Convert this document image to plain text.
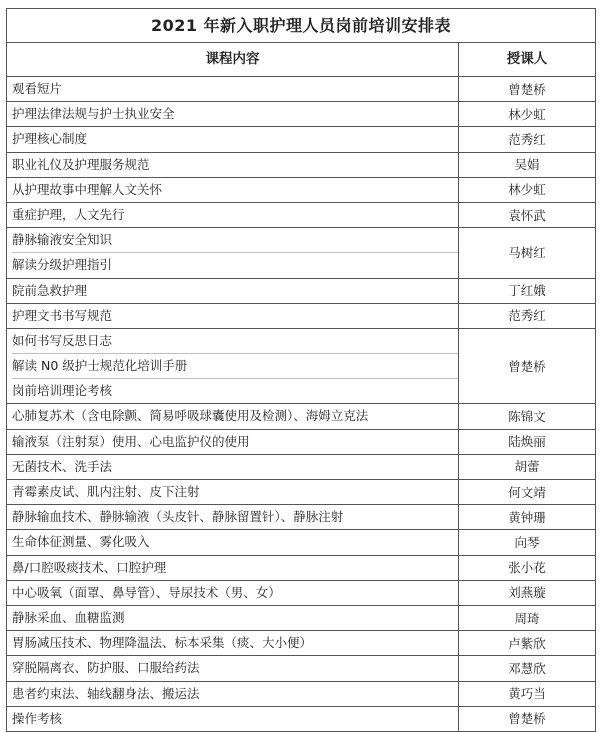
2021 年新入职护理人员岗前培训安排表	
课程内容	授课人

观看短片	曾楚桥

护理法律法规与护士执业安全	林少虹

护理核心制度	范秀红

职业礼仪及护理服务规范	吴娟

从护理故事中理解人文关怀	林少虹

重症护理，人文先行	袁怀武

静脉输液安全知识
解读分级护理指引	马树红

院前急救护理	丁红娥

护理文书书写规范	范秀红

如何书写反思日志
解读 N0 级护士规范化培训手册
岗前培训理论考核	曾楚桥

心肺复苏术（含电除颤、简易呼吸球囊使用及检测）、海姆立克法	陈锦文

输液泵（注射泵）使用、心电监护仪的使用	陆焕丽

无菌技术、洗手法	胡蕾

青霉素皮试、肌内注射、皮下注射	何文靖

静脉输血技术、静脉输液（头皮针、静脉留置针）、静脉注射	黄钟珊

生命体征测量、雾化吸入	向琴

鼻/口腔吸痰技术、口腔护理	张小花

中心吸氧（面罩、鼻导管）、导尿技术（男、女）	刘燕璇

静脉采血、血糖监测	周琦

胃肠减压技术、物理降温法、标本采集（痰、大小便）	卢紫欣

穿脱隔离衣、防护服、口服给药法	邓慧欣

患者约束法、轴线翻身法、搬运法	黄巧当

操作考核	曾楚桥
